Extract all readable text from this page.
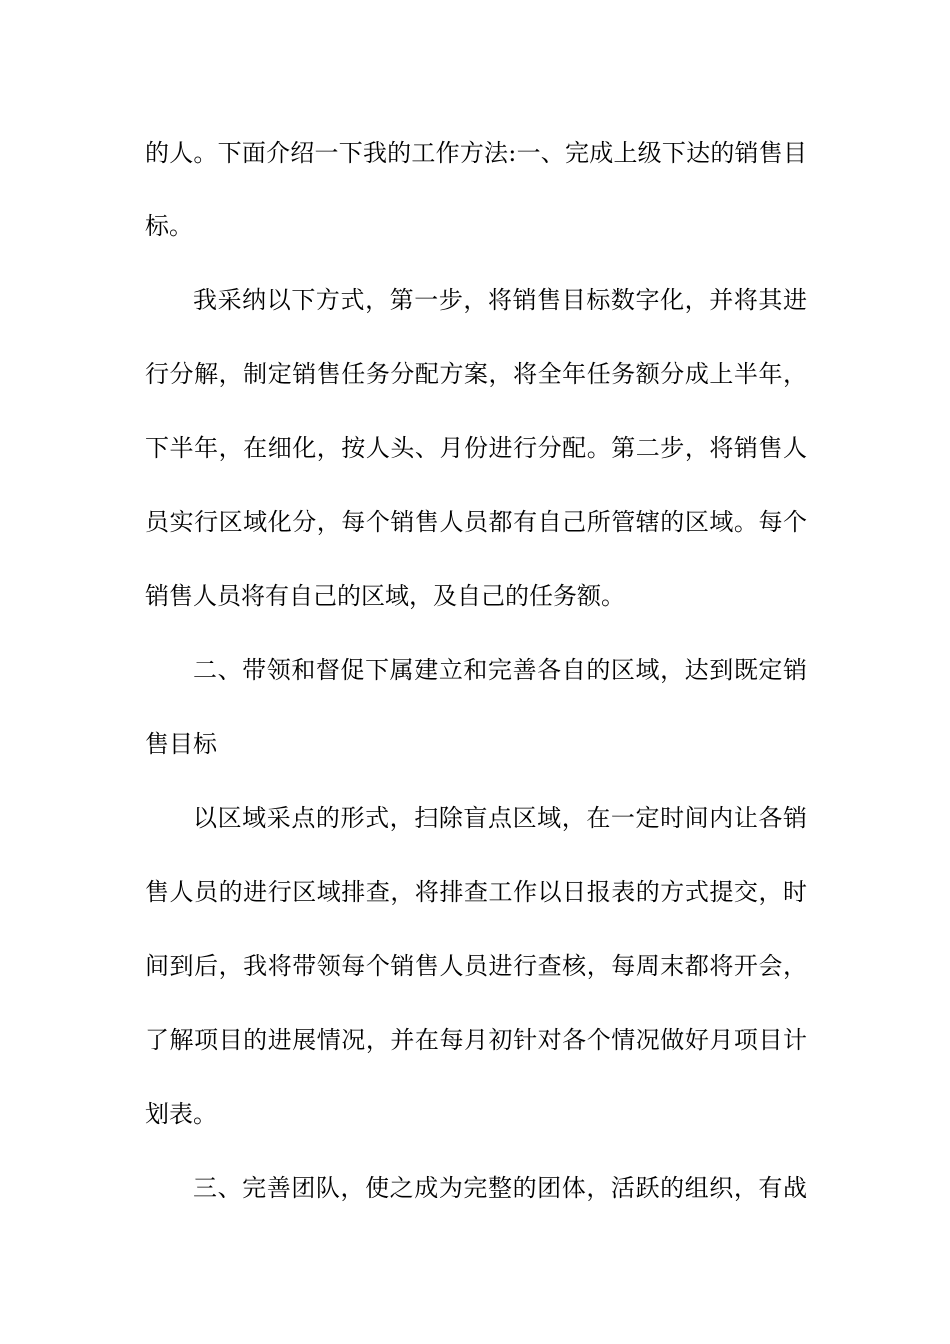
的人。下面介绍一下我的工作方法:一、完成上级下达的销售目
标。
我采纳以下方式，第一步，将销售目标数字化，并将其进
行分解，制定销售任务分配方案，将全年任务额分成上半年，
下半年，在细化，按人头、月份进行分配。第二步，将销售人
员实行区域化分，每个销售人员都有自己所管辖的区域。每个
销售人员将有自己的区域，及自己的任务额。
二、带领和督促下属建立和完善各自的区域，达到既定销
售目标
以区域采点的形式，扫除盲点区域，在一定时间内让各销
售人员的进行区域排查，将排查工作以日报表的方式提交，时
间到后，我将带领每个销售人员进行查核，每周末都将开会，
了解项目的进展情况，并在每月初针对各个情况做好月项目计
划表。
三、完善团队，使之成为完整的团体，活跃的组织，有战
